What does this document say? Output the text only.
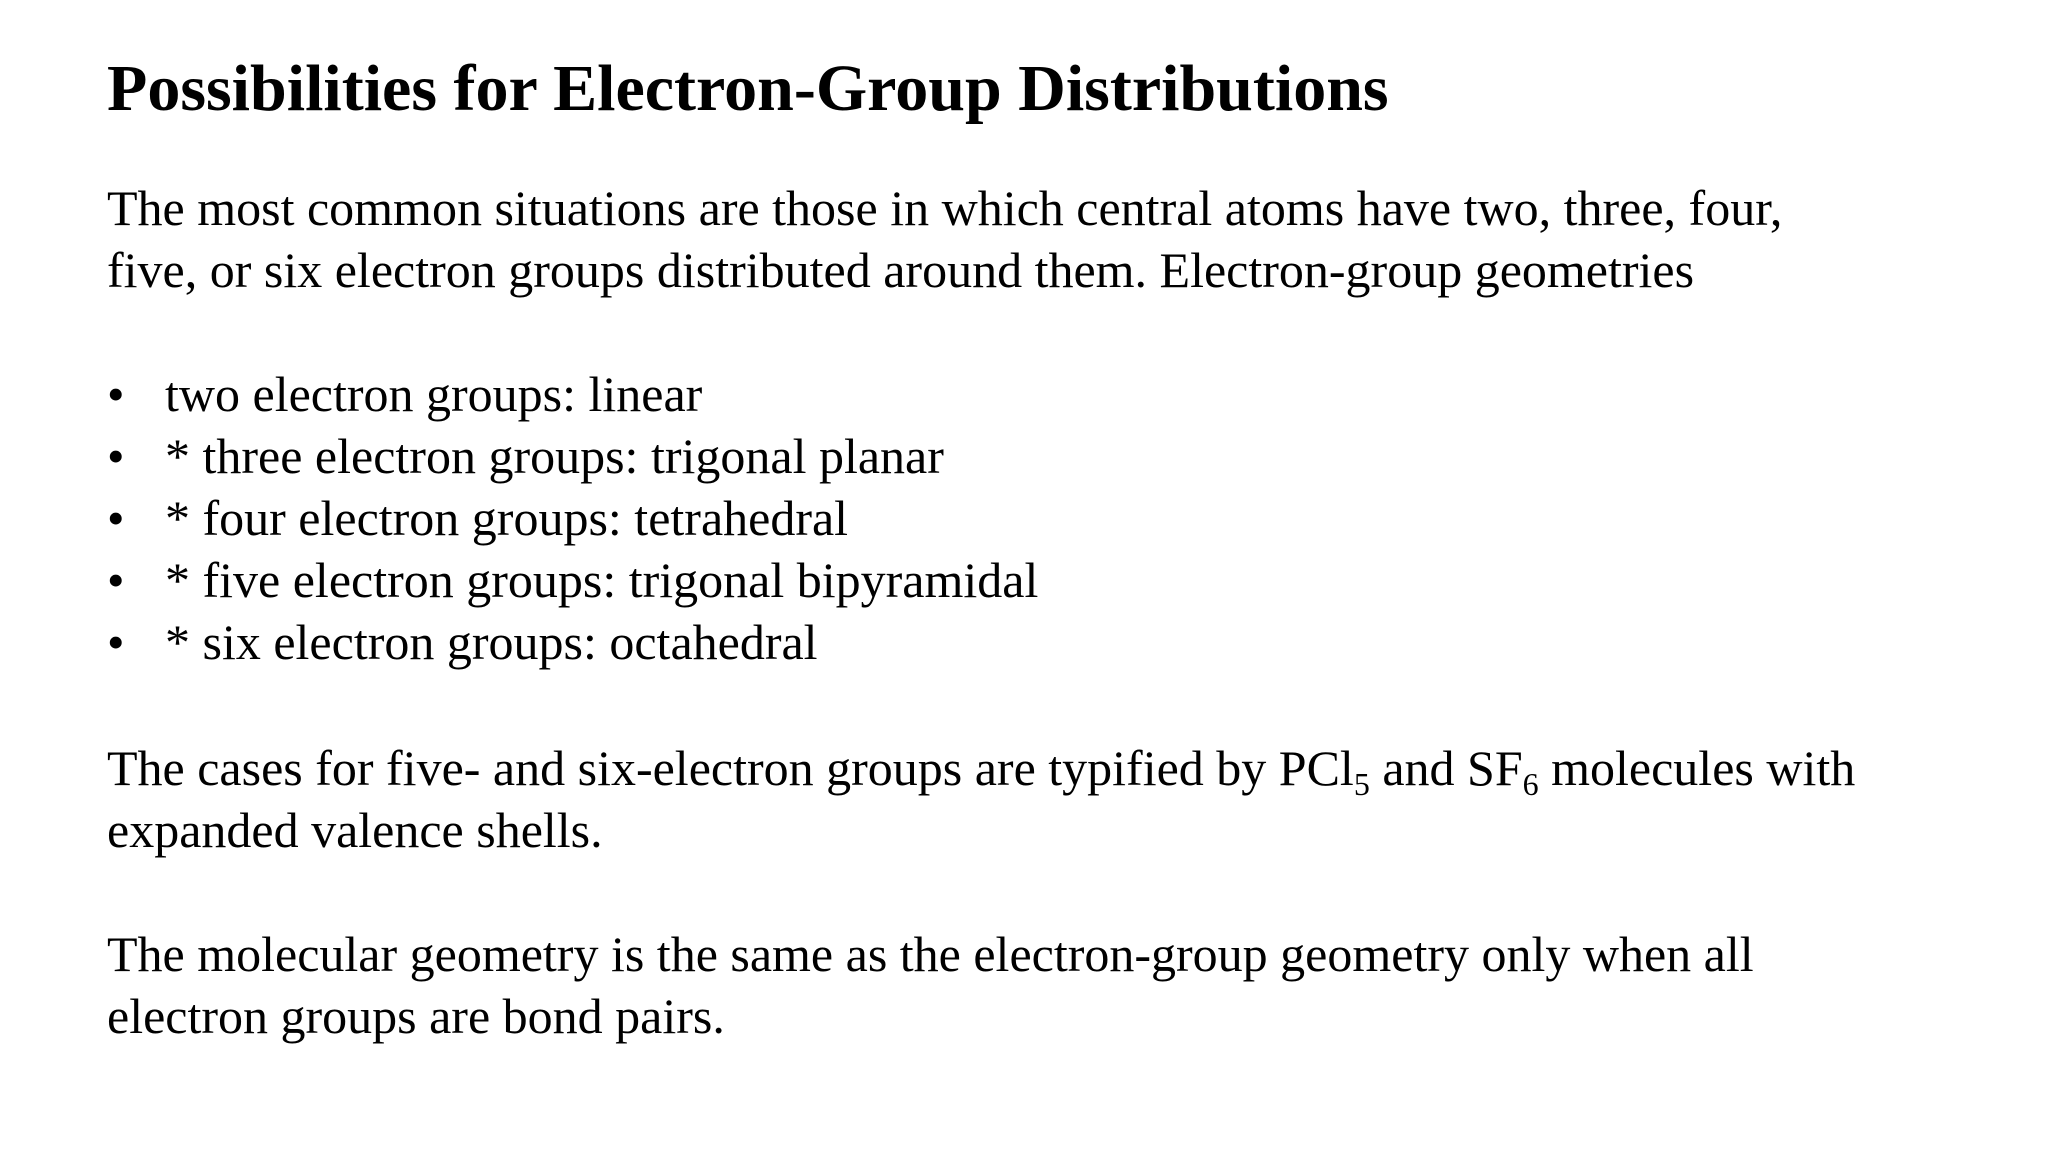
Possibilities for Electron-Group Distributions

The most common situations are those in which central atoms have two, three, four,
five, or six electron groups distributed around them. Electron-group geometries

• two electron groups: linear
• * three electron groups: trigonal planar
• * four electron groups: tetrahedral
• * five electron groups: trigonal bipyramidal
• * six electron groups: octahedral

The cases for five- and six-electron groups are typified by PCl$_5$ and $SF_6$ molecules with
expanded valence shells.

The molecular geometry is the same as the electron-group geometry only when all
electron groups are bond pairs.
